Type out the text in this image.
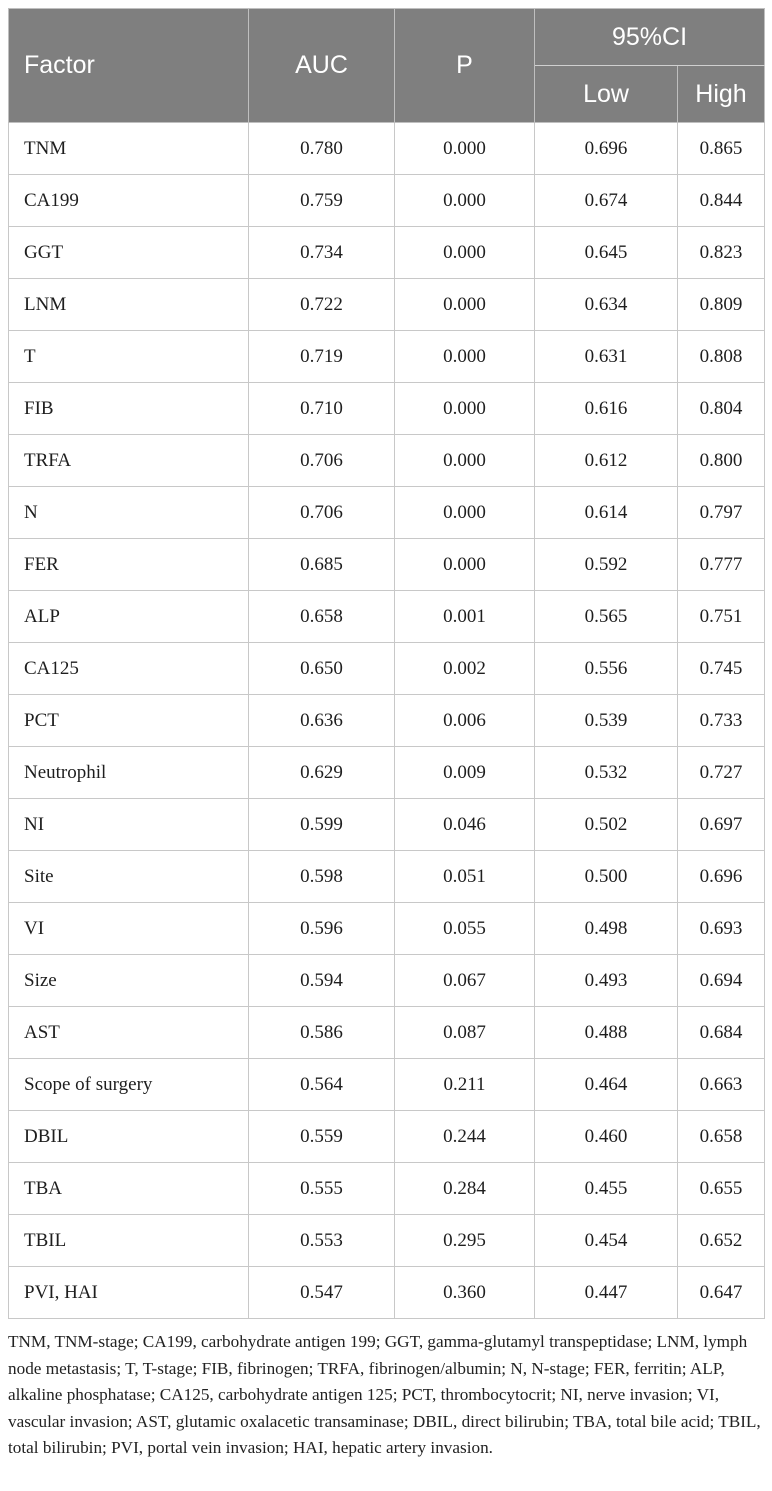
Factor	AUC	P	95%CI	
			Low	High
TNM	0.780	0.000	0.696	0.865
CA199	0.759	0.000	0.674	0.844
GGT	0.734	0.000	0.645	0.823
LNM	0.722	0.000	0.634	0.809
T	0.719	0.000	0.631	0.808
FIB	0.710	0.000	0.616	0.804
TRFA	0.706	0.000	0.612	0.800
N	0.706	0.000	0.614	0.797
FER	0.685	0.000	0.592	0.777
ALP	0.658	0.001	0.565	0.751
CA125	0.650	0.002	0.556	0.745
PCT	0.636	0.006	0.539	0.733
Neutrophil	0.629	0.009	0.532	0.727
NI	0.599	0.046	0.502	0.697
Site	0.598	0.051	0.500	0.696
VI	0.596	0.055	0.498	0.693
Size	0.594	0.067	0.493	0.694
AST	0.586	0.087	0.488	0.684
Scope of surgery	0.564	0.211	0.464	0.663
DBIL	0.559	0.244	0.460	0.658
TBA	0.555	0.284	0.455	0.655
TBIL	0.553	0.295	0.454	0.652
PVI, HAI	0.547	0.360	0.447	0.647

TNM, TNM-stage; CA199, carbohydrate antigen 199; GGT, gamma-glutamyl transpeptidase; LNM, lymph node metastasis; T, T-stage; FIB, fibrinogen; TRFA, fibrinogen/albumin; N, N-stage; FER, ferritin; ALP, alkaline phosphatase; CA125, carbohydrate antigen 125; PCT, thrombocytocrit; NI, nerve invasion; VI, vascular invasion; AST, glutamic oxalacetic transaminase; DBIL, direct bilirubin; TBA, total bile acid; TBIL, total bilirubin; PVI, portal vein invasion; HAI, hepatic artery invasion.
